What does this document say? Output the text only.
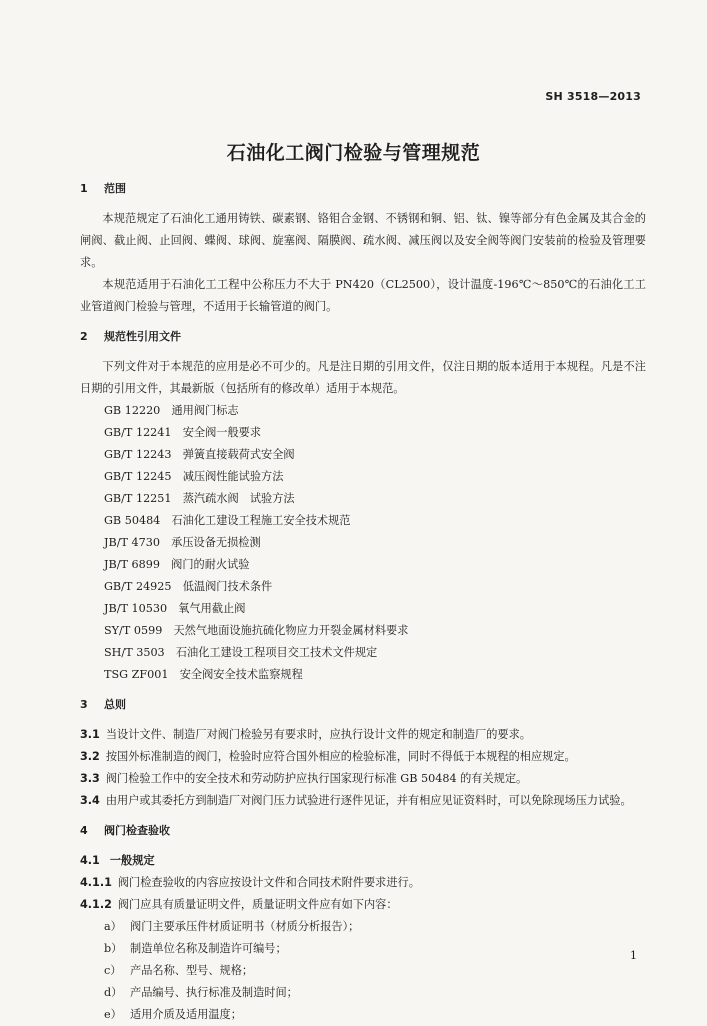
SH 3518—2013
石油化工阀门检验与管理规范
1 范围

本规范规定了石油化工通用铸铁、碳素钢、铬钼合金钢、不锈钢和铜、铝、钛、镍等部分有色金属及其合金的闸阀、截止阀、止回阀、蝶阀、球阀、旋塞阀、隔膜阀、疏水阀、减压阀以及安全阀等阀门安装前的检验及管理要求。

本规范适用于石油化工工程中公称压力不大于 PN420（CL2500），设计温度-196℃～850℃的石油化工工业管道阀门检验与管理，不适用于长输管道的阀门。

2 规范性引用文件

下列文件对于本规范的应用是必不可少的。凡是注日期的引用文件，仅注日期的版本适用于本规程。凡是不注日期的引用文件，其最新版（包括所有的修改单）适用于本规范。

GB 12220　通用阀门标志
GB/T 12241　安全阀一般要求
GB/T 12243　弹簧直接载荷式安全阀
GB/T 12245　减压阀性能试验方法
GB/T 12251　蒸汽疏水阀　试验方法
GB 50484　石油化工建设工程施工安全技术规范
JB/T 4730　承压设备无损检测
JB/T 6899　阀门的耐火试验
GB/T 24925　低温阀门技术条件
JB/T 10530　氧气用截止阀
SY/T 0599　天然气地面设施抗硫化物应力开裂金属材料要求
SH/T 3503　石油化工建设工程项目交工技术文件规定
TSG ZF001　安全阀安全技术监察规程
3 总则

3.1 当设计文件、制造厂对阀门检验另有要求时，应执行设计文件的规定和制造厂的要求。

3.2 按国外标准制造的阀门，检验时应符合国外相应的检验标准，同时不得低于本规程的相应规定。

3.3 阀门检验工作中的安全技术和劳动防护应执行国家现行标准 GB 50484 的有关规定。

3.4 由用户或其委托方到制造厂对阀门压力试验进行逐件见证，并有相应见证资料时，可以免除现场压力试验。

4 阀门检查验收

4.1 一般规定

4.1.1 阀门检查验收的内容应按设计文件和合同技术附件要求进行。

4.1.2 阀门应具有质量证明文件，质量证明文件应有如下内容：

a） 阀门主要承压件材质证明书（材质分析报告）；
b） 制造单位名称及制造许可编号；
c） 产品名称、型号、规格；
d） 产品编号、执行标准及制造时间；
e） 适用介质及适用温度；
1
